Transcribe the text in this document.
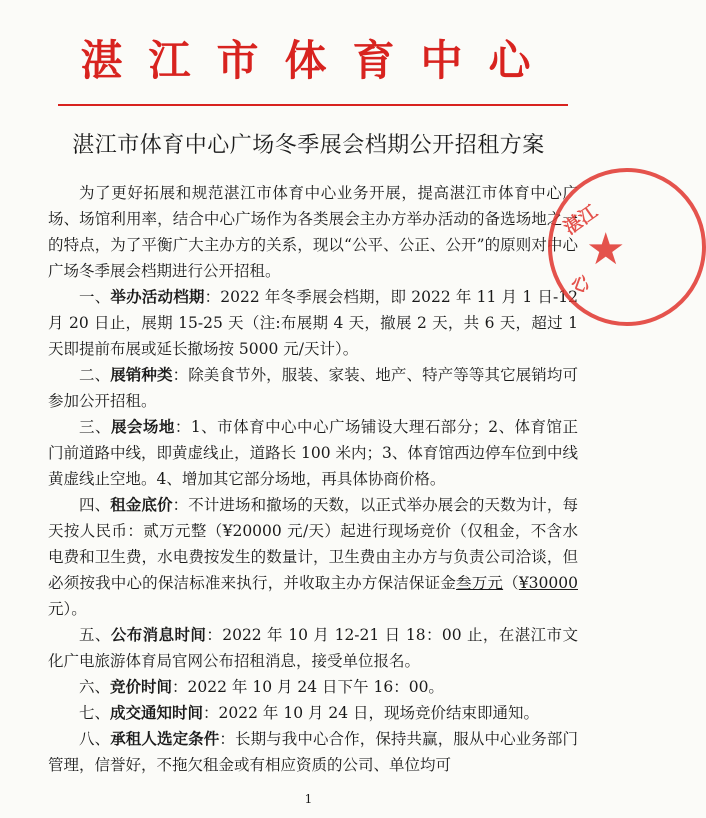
湛江市体育中心
湛江市体育中心广场冬季展会档期公开招租方案

为了更好拓展和规范湛江市体育中心业务开展，提高湛江市体育中心广场、场馆利用率，结合中心广场作为各类展会主办方举办活动的备选场地之一的特点，为了平衡广大主办方的关系，现以“公平、公正、公开”的原则对中心广场冬季展会档期进行公开招租。

一、举办活动档期：2022 年冬季展会档期，即 2022 年 11 月 1 日-12 月 20 日止，展期 15-25 天（注:布展期 4 天，撤展 2 天，共 6 天，超过 1 天即提前布展或延长撤场按 5000 元/天计）。

二、展销种类：除美食节外，服装、家装、地产、特产等等其它展销均可参加公开招租。

三、展会场地：1、市体育中心中心广场铺设大理石部分；2、体育馆正门前道路中线，即黄虚线止，道路长 100 米内；3、体育馆西边停车位到中线黄虚线止空地。4、增加其它部分场地，再具体协商价格。

四、租金底价：不计进场和撤场的天数，以正式举办展会的天数为计，每天按人民币：贰万元整（¥20000 元/天）起进行现场竞价（仅租金，不含水电费和卫生费，水电费按发生的数量计，卫生费由主办方与负责公司洽谈，但必须按我中心的保洁标准来执行，并收取主办方保洁保证金叁万元（¥30000 元）。

五、公布消息时间：2022 年 10 月 12-21 日 18：00 止，在湛江市文化广电旅游体育局官网公布招租消息，接受单位报名。

六、竞价时间：2022 年 10 月 24 日下午 16：00。

七、成交通知时间：2022 年 10 月 24 日，现场竞价结束即通知。

八、承租人选定条件：长期与我中心合作，保持共赢，服从中心业务部门管理，信誉好，不拖欠租金或有相应资质的公司、单位均可

湛江
★
心
1
